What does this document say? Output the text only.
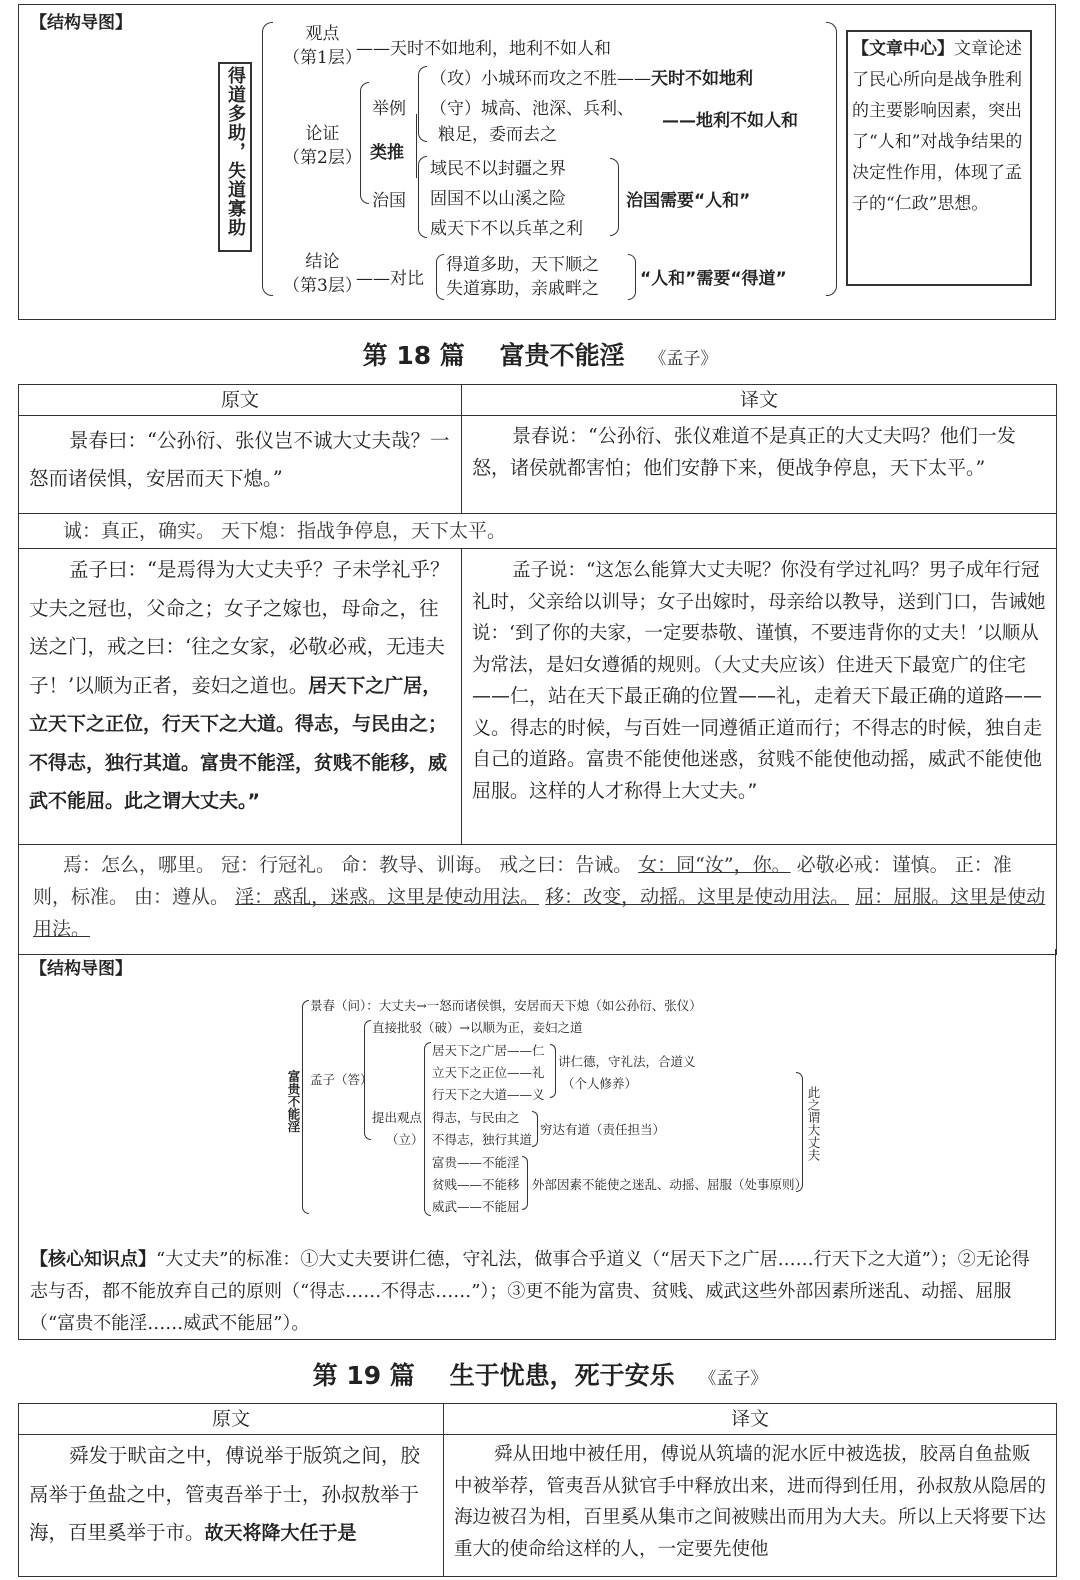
【结构导图】
得道多助，失道寡助
观点
（第1层）
——天时不如地利，地利不如人和
论证
（第2层）
举例
类推
治国
（攻）小城环而攻之不胜——天时不如地利
（守）城高、池深、兵利、
粮足，委而去之
——地利不如人和
域民不以封疆之界
固国不以山溪之险
威天下不以兵革之利
治国需要“人和”
结论
（第3层）
——对比
得道多助，天下顺之
失道寡助，亲戚畔之 “人和”需要“得道”
【文章中心】文章论述了民心所向是战争胜利的主要影响因素，突出了“人和”对战争结果的决定性作用，体现了孟子的“仁政”思想。
第 18 篇 富贵不能淫 《孟子》
原文	译文
景春曰：“公孙衍、张仪岂不诚大丈夫哉？一怒而诸侯惧，安居而天下熄。”	景春说：“公孙衍、张仪难道不是真正的大丈夫吗？他们一发怒，诸侯就都害怕；他们安静下来，便战争停息，天下太平。”
诚：真正，确实。 天下熄：指战争停息，天下太平。	
孟子曰：“是焉得为大丈夫乎？子未学礼乎？丈夫之冠也，父命之；女子之嫁也，母命之，往送之门，戒之曰：‘往之女家，必敬必戒，无违夫子！’以顺为正者，妾妇之道也。居天下之广居，立天下之正位，行天下之大道。得志，与民由之；不得志，独行其道。富贵不能淫，贫贱不能移，威武不能屈。此之谓大丈夫。”	孟子说：“这怎么能算大丈夫呢？你没有学过礼吗？男子成年行冠礼时，父亲给以训导；女子出嫁时，母亲给以教导，送到门口，告诫她说：‘到了你的夫家，一定要恭敬、谨慎，不要违背你的丈夫！’以顺从为常法，是妇女遵循的规则。（大丈夫应该）住进天下最宽广的住宅——仁，站在天下最正确的位置——礼，走着天下最正确的道路——义。得志的时候，与百姓一同遵循正道而行；不得志的时候，独自走自己的道路。富贵不能使他迷惑，贫贱不能使他动摇，威武不能使他屈服。这样的人才称得上大丈夫。”
焉：怎么，哪里。 冠：行冠礼。 命：教导、训诲。 戒之曰：告诫。 女：同“汝”，你。 必敬必戒：谨慎。 正：准则，标准。 由：遵从。 淫：惑乱，迷惑。这里是使动用法。 移：改变，动摇。这里是使动用法。 屈：屈服。这里是使动用法。	
【结构导图】
富贵不能淫
景春（问）：大丈夫→一怒而诸侯惧，安居而天下熄（如公孙衍、张仪）
孟子（答）
直接批驳（破）→以顺为正，妾妇之道
提出观点
（立）
居天下之广居——仁
立天下之正位——礼
行天下之大道——义
讲仁德，守礼法，合道义
（个人修养）
得志，与民由之
不得志，独行其道
穷达有道（责任担当）
富贵——不能淫
贫贱——不能移
威武——不能屈
外部因素不能使之迷乱、动摇、屈服（处事原则）
此之谓大丈夫
【核心知识点】“大丈夫”的标准：①大丈夫要讲仁德，守礼法，做事合乎道义（“居天下之广居……行天下之大道”）；②无论得志与否，都不能放弃自己的原则（“得志……不得志……”）；③更不能为富贵、贫贱、威武这些外部因素所迷乱、动摇、屈服（“富贵不能淫……威武不能屈”）。
第 19 篇 生于忧患，死于安乐 《孟子》
原文	译文
舜发于畎亩之中，傅说举于版筑之间，胶鬲举于鱼盐之中，管夷吾举于士，孙叔敖举于海，百里奚举于市。故天将降大任于是	舜从田地中被任用，傅说从筑墙的泥水匠中被选拔，胶鬲自鱼盐贩中被举荐，管夷吾从狱官手中释放出来，进而得到任用，孙叔敖从隐居的海边被召为相，百里奚从集市之间被赎出而用为大夫。所以上天将要下达重大的使命给这样的人，一定要先使他
